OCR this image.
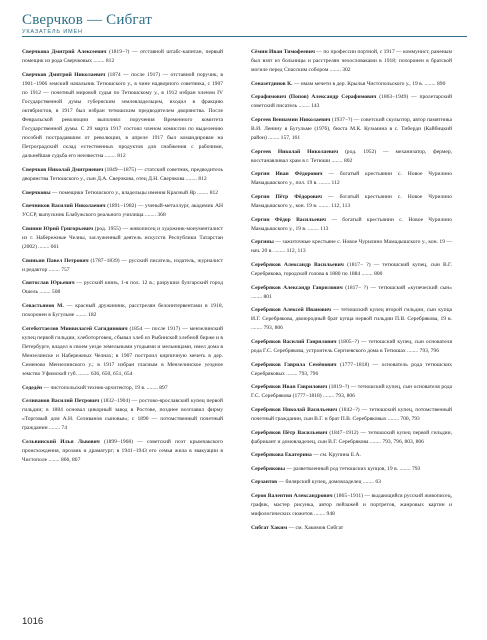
Сверчков — Сибгат
УКАЗАТЕЛЬ ИМЕН

Сверчкова Дмитрий Алексеевич (1819−?) — отставной штабс-капитан, первый помещик из рода Сверчковых ........ 812

Сверчков Дмитрий Николаевич (1874 — после 1917) — отставной поручик, в 1901−1906 земский начальник Тетюшского у., в чине надворного советника, с 1907 по 1912 — почетный мировой судья по Тетюшскому у., в 1912 избран членом IV Государственной думы губернским землевладельцем, входил в фракцию октябристов, в 1917 был избран тетюшским предводителем дворянства. После Февральской революции выполнял поручения Временного комитета Государственной думы. С 29 марта 1917 состоял членом комиссии по выделению пособий пострадавшим от революции, в апреле 1917 был командирован на Петроградский склад естественных продуктов для снабжения с рабочими, дальнейшая судьба его неизвестна ........ 812

Сверчков Николай Дмитриевич (1849—1875) — статский советник, предводитель дворянства Тетюшского у., сын Д.А. Сверчкова, отец Д.Н. Сверчкова ........ 812

Сверчковы — помещики Тетюшского у., владельцы имения Красный Яр ........ 812

Свечников Василий Николаевич (1891−1982) — ученый-металлург, академик АН УССР, выпускник Елабужского реального училища ........ 368

Свинин Юрий Григорьевич (род. 1955) — живописец и художник-монументалист из г. Набережные Челны, заслуженный деятель искусств Республики Татарстан (2002) ........ 661

Свиньин Павел Петрович (1787−1839) — русский писатель, издатель, журналист и редактор ........ 757

Святослав Юрьевич — русский князь, 1-я пол. 12 в.; разрушил булгарский город Ошель ........ 508

Севастьянов М. — красный дружинник, расстрелян белоинтервентами в 1918, похоронен в Бугульме ........ 182

Сегеботтаелов Минвилагей Сагидинович (1854 — после 1917) — мензелинский купец первой гильдии, хлеботорговец, сбывал хлеб из Рыбинской хлебной бирже и в Петербурге, владел в своем уезде земельными угодьями и мельницами, имел дома в Мензелинске и Набережных Челнах; в 1907 построил кирпичную мечеть в дер. Семеново Мензелинского у.; в 1917 избран гласным в Мензелинское уездное земство Уфимской губ. ........ 636, 650, 651, 654

Седедён — чистопольский техник-архитектор, 19 в. ........ 897

Селиванов Василий Петрович (1832−1904) — ростово-ярославский купец первой гильдии; в 1884 основал цикорный завод в Ростове, позднее возглавил фирму «Торговый дом А.Н. Селиванов сыновья»; с 1890 — потомственный почетный гражданин ........ 74

Сельвинский Илья Львович (1899−1968) — советский поэт крымчакского происхождения, прозаик и драматург; в 1941−1943 его семья жила в эвакуации в Чистополе ........ 866, 867

Сёмин Иван Тимофеевич — по профессии портной, с 1917 — коммунист, раненым был взят из больницы и расстрелян чехословаками в 1918; похоронен в братской могиле перед Спасским собором ........ 302

Сеназетдинов К. — имам мечети в дер. Крылья Чистопольского у., 19 в. ........ 890

Серафимович (Попов) Александр Серафимович (1863−1949) — пролетарский советский писатель ........ 143

Сергеев Вениамин Николаевич (1937−?) — советский скульптор, автор памятника В.И. Ленину в Бугульме (1976), бюста М.К. Кузьмина в с. Тиберди (Кайбицкий район) ........ 157, 161

Сергеев Николай Николаевич (род. 1952) — механизатор, фермер, восстанавливал храм в г. Тетюши ........ 802

Сергин Иван Фёдорович — богатый крестьянин с. Новое Чурилино Мамадышского у., пол. 19 в. ........ 112

Сергин Пётр Фёдорович — богатый крестьянин с. Новое Чурилино Мамадышского у., кон. 19 в. ........ 112, 113

Сергин Фёдор Васильевич — богатый крестьянин с. Новое Чурилино Мамадышского у., 19 в. ........ 113

Сергины — зажиточные крестьяне с. Новое Чурилино Мамадышского у., кон. 19 — нач. 20 в. ........ 112, 113

Серебряков Александр Васильевич (1817− ?) — тетюшский купец, сын В.Г. Серебрякова, городской голова в 1880 по 1884 ........ 800

Серебряков Александр Гаврилович (1817− ?) — тетюшский «купеческий сын» ........ 801

Серебряков Алексей Иванович — тетюшский купец второй гильдии, сын купца И.Г. Серебрякова, двоюродный брат купца первой гильдии П.В. Серебрякова, 19 в. ........ 793, 806

Серебряков Василий Гаврилович (1805−?) — тетюшский купец, сын основателя рода Г.С. Серебрякова, устроитель Сергиевского дома в Тетюшах ........ 793, 796

Серебряков Гаврила Семёнович (1777−1818) — основатель рода тетюшских Серебряковых ........ 793, 796

Серебряков Иван Гаврилович (1819−?) — тетюшский купец, сын основателя рода Г.С. Серебрякова (1777−1818) ........ 793, 806

Серебряков Николай Васильевич (1842−?) — тетюшский купец, потомственный почетный гражданин, сын В.Г. и брат П.В. Серебряковых ........ 700, 793

Серебряков Пётр Васильевич (1847−1912) — тетюшский купец первой гильдии, фабрикант и домовладелец, сын В.Г. Серебрякова ........ 793, 796, 803, 806

Серебрякова Екатерина — см. Крупина Е.А.

Серебряковы — разветвленный род тетюшских купцов, 19 в. ........ 793

Серзантов — билярский купец, домовладелец ........ 63

Серов Валентин Александрович (1865−1911) — выдающийся русский живописец, график, мастер рисунка, автор пейзажей и портретов, жанровых картин и мифологических сюжетов ........ 948

Сибгат Хаким — см. Хакимов Сибгат

1016
